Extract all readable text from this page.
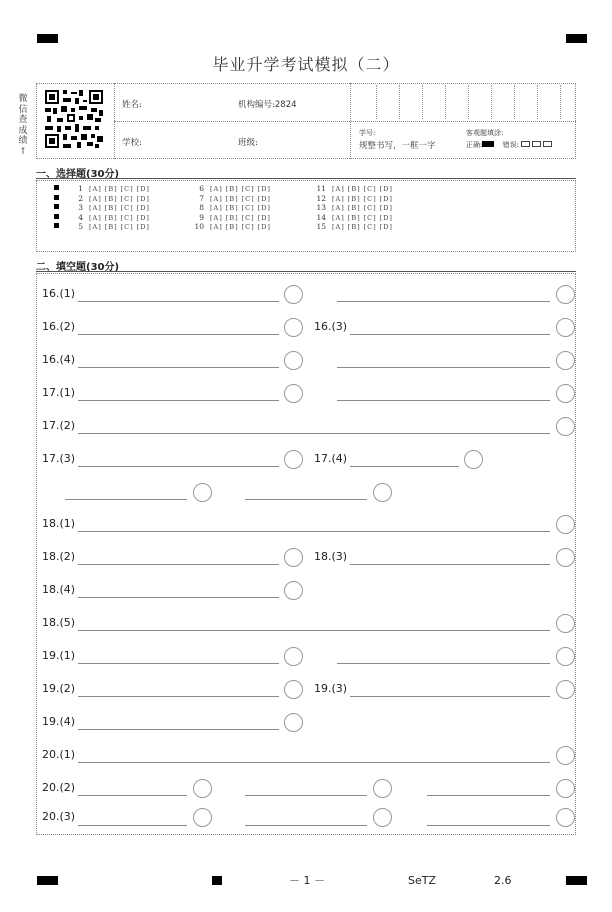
毕业升学考试模拟（二）
微
信
查
成
绩
↑
姓名:	机构编号:2824
学校:	班级:
学号:
规整书写，一框一字
客观题填涂:
正确:	错误:
一、选择题(30分)
1 [A] [B] [C] [D]
2 [A] [B] [C] [D]
3 [A] [B] [C] [D]
4 [A] [B] [C] [D]
5 [A] [B] [C] [D]
6 [A] [B] [C] [D]
7 [A] [B] [C] [D]
8 [A] [B] [C] [D]
9 [A] [B] [C] [D]
10 [A] [B] [C] [D]
11 [A] [B] [C] [D]
12 [A] [B] [C] [D]
13 [A] [B] [C] [D]
14 [A] [B] [C] [D]
15 [A] [B] [C] [D]
二、填空题(30分)
16.(1)
16.(2)	16.(3)
16.(4)
17.(1)
17.(2)
17.(3)	17.(4)
18.(1)
18.(2)	18.(3)
18.(4)
18.(5)
19.(1)
19.(2)	19.(3)
19.(4)
20.(1)
20.(2)
20.(3)
－ 1 －	SeTZ	2.6
